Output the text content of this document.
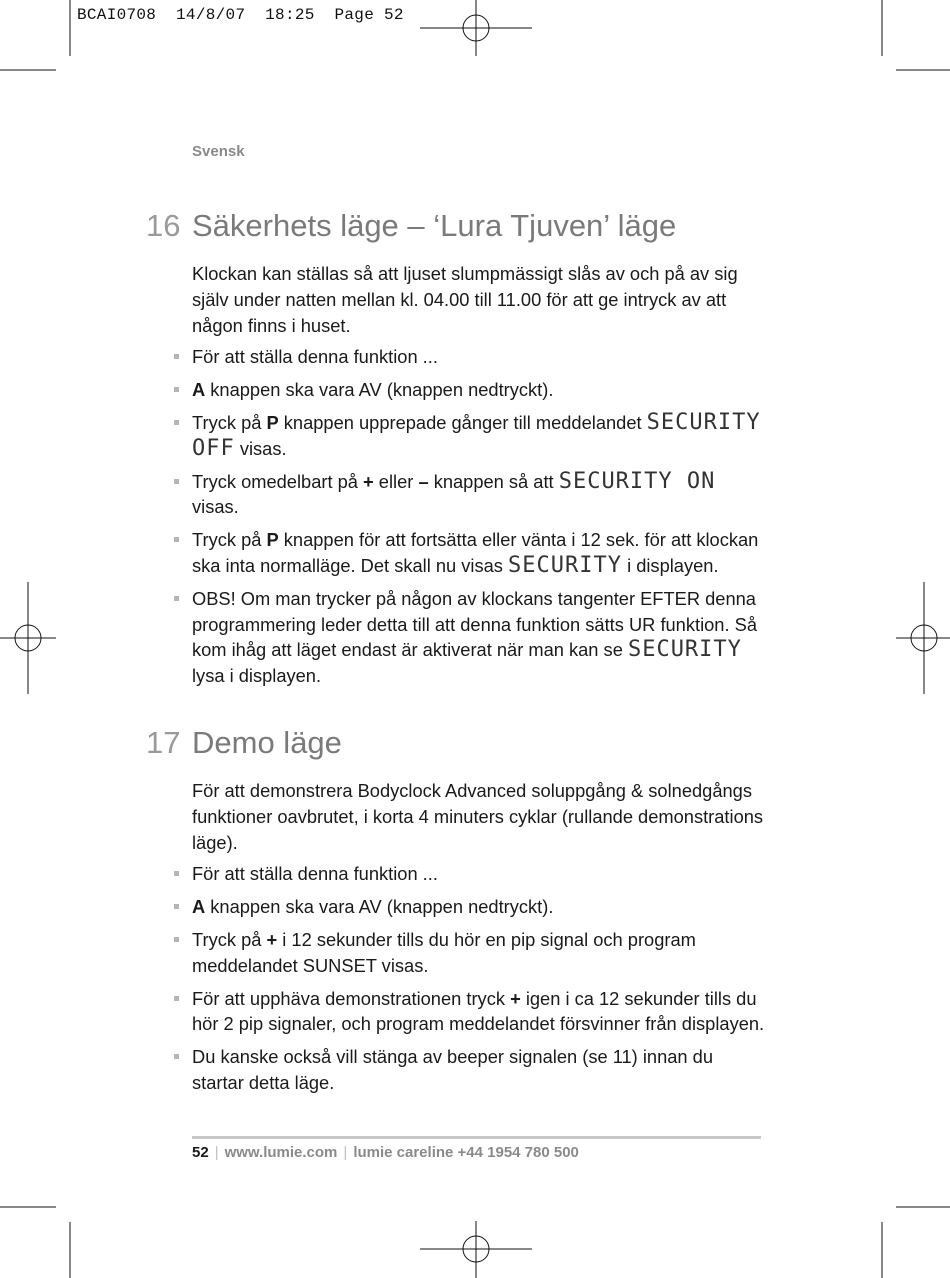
BCAI0708 14/8/07 18:25 Page 52
Svensk
16 Säkerhets läge – ‘Lura Tjuven’ läge

Klockan kan ställas så att ljuset slumpmässigt slås av och på av sig själv under natten mellan kl. 04.00 till 11.00 för att ge intryck av att någon finns i huset.

För att ställa denna funktion ...
A knappen ska vara AV (knappen nedtryckt).
Tryck på P knappen upprepade gånger till meddelandet SECURITY OFF visas.
Tryck omedelbart på + eller – knappen så att SECURITY ON
visas.
Tryck på P knappen för att fortsätta eller vänta i 12 sek. för att klockan ska inta normalläge. Det skall nu visas SECURITY i displayen.
OBS! Om man trycker på någon av klockans tangenter EFTER denna programmering leder detta till att denna funktion sätts UR funktion. Så kom ihåg att läget endast är aktiverat när man kan se SECURITY lysa i displayen.
17 Demo läge

För att demonstrera Bodyclock Advanced soluppgång & solnedgångs funktioner oavbrutet, i korta 4 minuters cyklar (rullande demonstrations läge).

För att ställa denna funktion ...
A knappen ska vara AV (knappen nedtryckt).
Tryck på + i 12 sekunder tills du hör en pip signal och program meddelandet SUNSET visas.
För att upphäva demonstrationen tryck + igen i ca 12 sekunder tills du hör 2 pip signaler, och program meddelandet försvinner från displayen.
Du kanske också vill stänga av beeper signalen (se 11) innan du startar detta läge.
52 | www.lumie.com | lumie careline +44 1954 780 500
